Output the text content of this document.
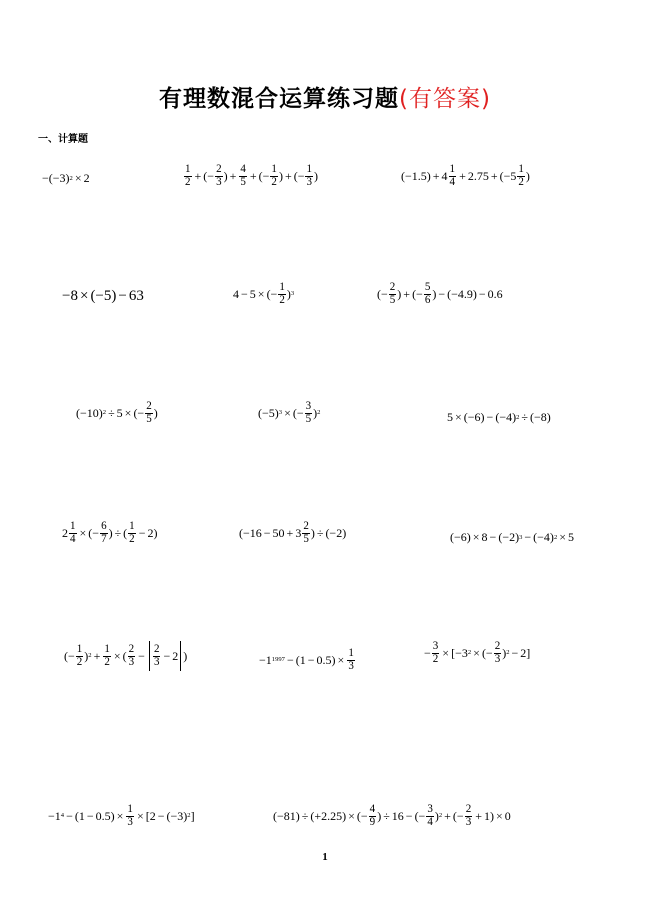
有理数混合运算练习题(有答案)
一、计算题
− (−3) 2 × 2	$\frac{1}{2}$ + (− $\frac{2}{3}$ ) + $\frac{4}{5}$ + (− $\frac{1}{2}$ ) + (− $\frac{1}{3}$ )	$(-1.5) + 4 \frac{1}{4} + 2.75$ + (− $5 \frac{1}{2}$ )
−8 × (−5) − 63	4 − 5 × (− $\frac{1}{2}$ ) 3	(− $\frac{2}{5}$ ) + (− $\frac{5}{6}$ ) − (−4.9) − 0.6
(−10) 2 ÷ 5 × (− $\frac{2}{5}$ )	(−5) 3 × (− $\frac{3}{5}$ ) 2	5 × (−6) − (−4) 2 ÷ (−8)
$2 \frac{1}{4}$ × (− $\frac{6}{7}$ ) ÷ ( $\frac{1}{2} - 2$ )	($-16 - 50 + 3 \frac{2}{5}$ ) ÷ (−2)	(−6) × 8 − (−2) 3 − (−4) 2 × 5
(− $\frac{1}{2}$ ) $2 + \frac{1}{2}$ × ( $\frac{2}{3} - \frac{2}{3} - 2$ )	− 1 1997 − (1 − 0.5 ) × $\frac{1}{3}$	− $\frac{3}{2}$ × [ − 3 2 × (− $\frac{2}{3}$ ) 2 − 2 ]
− 1 4 − (1 − 0.5 ) × $\frac{1}{3}$ × [ 2 − (−3) 2 ]	(−81) ÷ (+2.25) × (− $\frac{4}{9}$ ) ÷ 16 − (− $\frac{3}{4}$ ) 2 + (− $\frac{2}{3} + 1$ ) × 0
1
